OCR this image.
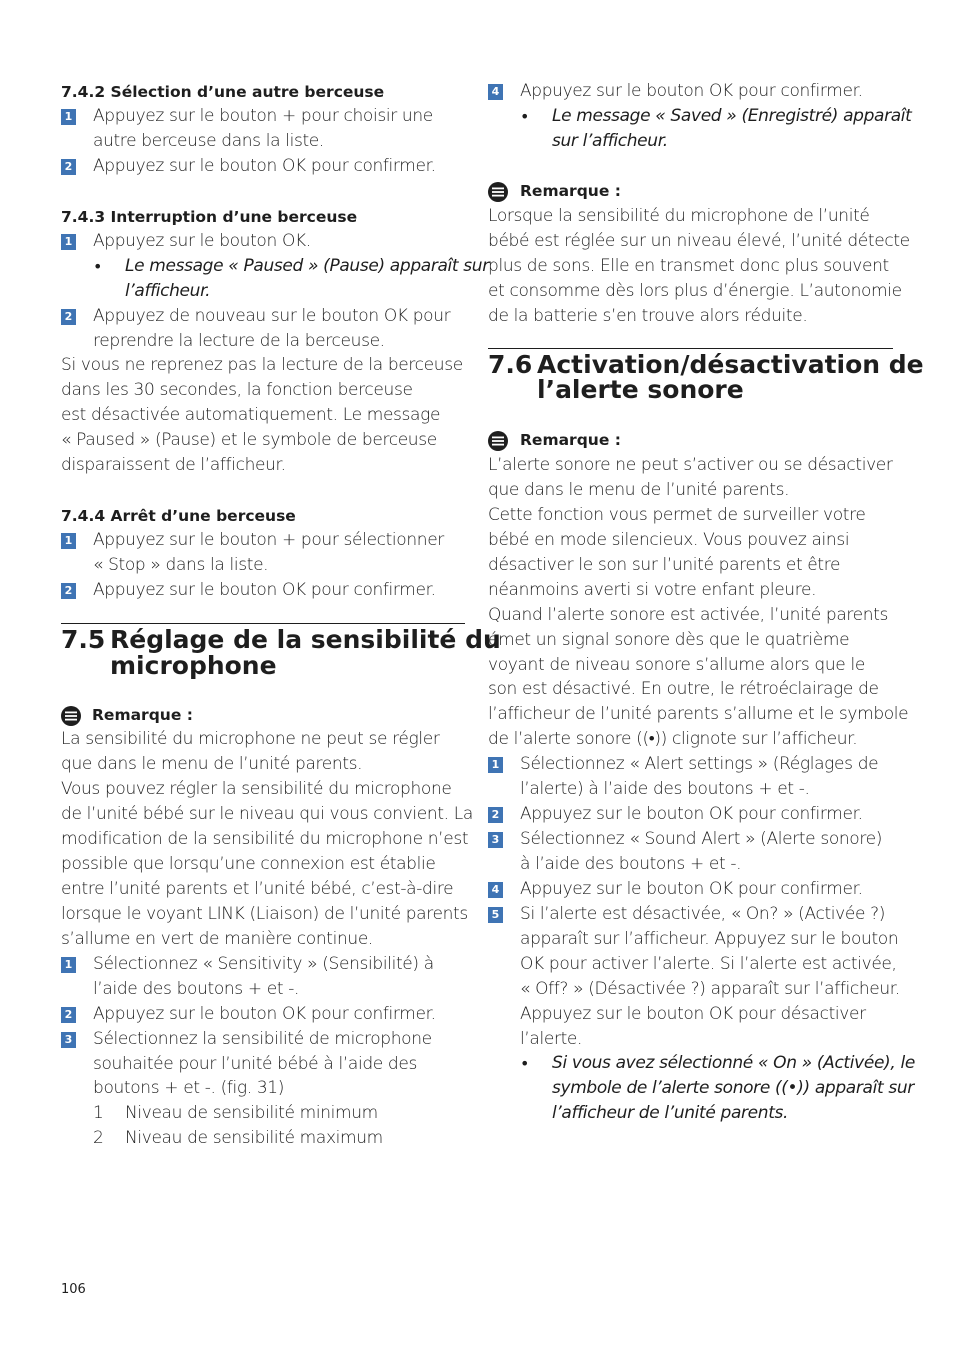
7.4.2 Sélection d’une autre berceuse
1 Appuyez sur le bouton + pour choisir une
autre berceuse dans la liste.
2 Appuyez sur le bouton OK pour confirmer.
7.4.3 Interruption d’une berceuse
1 Appuyez sur le bouton OK.
• Le message « Paused » (Pause) apparaît sur
l’afficheur.
2 Appuyez de nouveau sur le bouton OK pour
reprendre la lecture de la berceuse.
Si vous ne reprenez pas la lecture de la berceuse
dans les 30 secondes, la fonction berceuse
est désactivée automatiquement. Le message
« Paused » (Pause) et le symbole de berceuse
disparaissent de l’afficheur.
7.4.4 Arrêt d’une berceuse
1 Appuyez sur le bouton + pour sélectionner
« Stop » dans la liste.
2 Appuyez sur le bouton OK pour confirmer.
7.5 Réglage de la sensibilité du
microphone
Remarque :
La sensibilité du microphone ne peut se régler
que dans le menu de l’unité parents.
Vous pouvez régler la sensibilité du microphone
de l’unité bébé sur le niveau qui vous convient. La
modification de la sensibilité du microphone n’est
possible que lorsqu’une connexion est établie
entre l’unité parents et l’unité bébé, c’est-à-dire
lorsque le voyant LINK (Liaison) de l’unité parents
s’allume en vert de manière continue.
1 Sélectionnez « Sensitivity » (Sensibilité) à
l’aide des boutons + et -.
2 Appuyez sur le bouton OK pour confirmer.
3 Sélectionnez la sensibilité de microphone
souhaitée pour l’unité bébé à l’aide des
boutons + et -. (fig. 31)
1 Niveau de sensibilité minimum
2 Niveau de sensibilité maximum
4 Appuyez sur le bouton OK pour confirmer.
• Le message « Saved » (Enregistré) apparaît
sur l’afficheur.
Remarque :
Lorsque la sensibilité du microphone de l’unité
bébé est réglée sur un niveau élevé, l’unité détecte
plus de sons. Elle en transmet donc plus souvent
et consomme dès lors plus d’énergie. L’autonomie
de la batterie s’en trouve alors réduite.
7.6 Activation/désactivation de
l’alerte sonore
Remarque :
L’alerte sonore ne peut s’activer ou se désactiver
que dans le menu de l’unité parents.
Cette fonction vous permet de surveiller votre
bébé en mode silencieux. Vous pouvez ainsi
désactiver le son sur l’unité parents et être
néanmoins averti si votre enfant pleure.
Quand l’alerte sonore est activée, l’unité parents
émet un signal sonore dès que le quatrième
voyant de niveau sonore s’allume alors que le
son est désactivé. En outre, le rétroéclairage de
l’afficheur de l’unité parents s’allume et le symbole
de l’alerte sonore ((•)) clignote sur l’afficheur.
1 Sélectionnez « Alert settings » (Réglages de
l’alerte) à l’aide des boutons + et -.
2 Appuyez sur le bouton OK pour confirmer.
3 Sélectionnez « Sound Alert » (Alerte sonore)
à l’aide des boutons + et -.
4 Appuyez sur le bouton OK pour confirmer.
5 Si l’alerte est désactivée, « On? » (Activée ?)
apparaît sur l’afficheur. Appuyez sur le bouton
OK pour activer l’alerte. Si l’alerte est activée,
« Off? » (Désactivée ?) apparaît sur l’afficheur.
Appuyez sur le bouton OK pour désactiver
l’alerte.
• Si vous avez sélectionné « On » (Activée), le
symbole de l’alerte sonore ((•)) apparaît sur
l’afficheur de l’unité parents.
106
